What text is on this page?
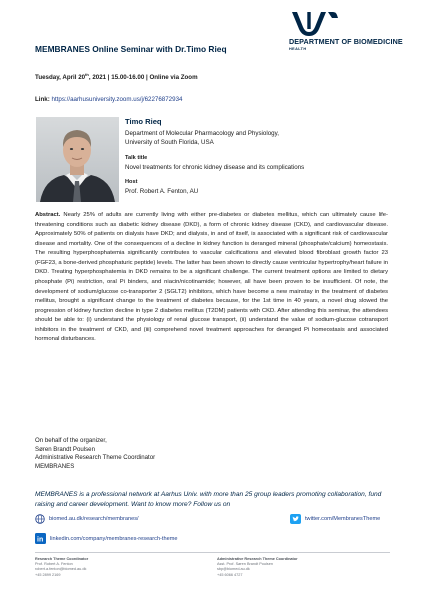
DEPARTMENT OF BIOMEDICINE
HEALTH
MEMBRANES Online Seminar with Dr.Timo Rieq
Tuesday, April 20th, 2021 | 15.00-16.00 | Online via Zoom
Link: https://aarhusuniversity.zoom.us/j/62276872934
Timo Rieq
Department of Molecular Pharmacology and Physiology,
University of South Florida, USA
Talk title
Novel treatments for chronic kidney disease and its complications
Host
Prof. Robert A. Fenton, AU
Abstract. Nearly 25% of adults are currently living with either pre-diabetes or diabetes mellitus, which can ultimately cause life-threatening conditions such as diabetic kidney disease (DKD), a form of chronic kidney disease (CKD), and cardiovascular disease. Approximately 50% of patients on dialysis have DKD; and dialysis, in and of itself, is associated with a significant risk of cardiovascular disease and mortality. One of the consequences of a decline in kidney function is deranged mineral (phosphate/calcium) homeostasis. The resulting hyperphosphatemia significantly contributes to vascular calcifications and elevated blood fibroblast growth factor 23 (FGF23, a bone-derived phosphaturic peptide) levels. The latter has been shown to directly cause ventricular hypertrophy/heart failure in DKD. Treating hyperphosphatemia in DKD remains to be a significant challenge. The current treatment options are limited to dietary phosphate (Pi) restriction, oral Pi binders, and niacin/nicotinamide; however, all have been proven to be insufficient. Of note, the development of sodium/glucose co-transporter 2 (SGLT2) inhibitors, which have become a new mainstay in the treatment of diabetes mellitus, brought a significant change to the treatment of diabetes because, for the 1st time in 40 years, a novel drug slowed the progression of kidney function decline in type 2 diabetes mellitus (T2DM) patients with CKD. After attending this seminar, the attendees should be able to: (i) understand the physiology of renal glucose transport, (ii) understand the value of sodium-glucose cotransport inhibitors in the treatment of CKD, and (iii) comprehend novel treatment approaches for deranged Pi homeostasis and associated hormonal disturbances.
On behalf of the organizer,
Søren Brandt Poulsen
Administrative Research Theme Coordinator
MEMBRANES
MEMBRANES is a professional network at Aarhus Univ. with more than 25 group leaders promoting collaboration, fund raising and career development. Want to know more? Follow us on
biomed.au.dk/research/membranes/	twitter.com/MembranesTheme
in linkedin.com/company/membranes-research-theme
Research Theme Coordinator
Prof. Robert A. Fenton
robert.a.fenton@biomed.au.dk
+45 2899 2169
Administrative Research Theme Coordinator
Asst. Prof. Søren Brandt Poulsen
sbp@biomed.au.dk
+45 6066 4727
